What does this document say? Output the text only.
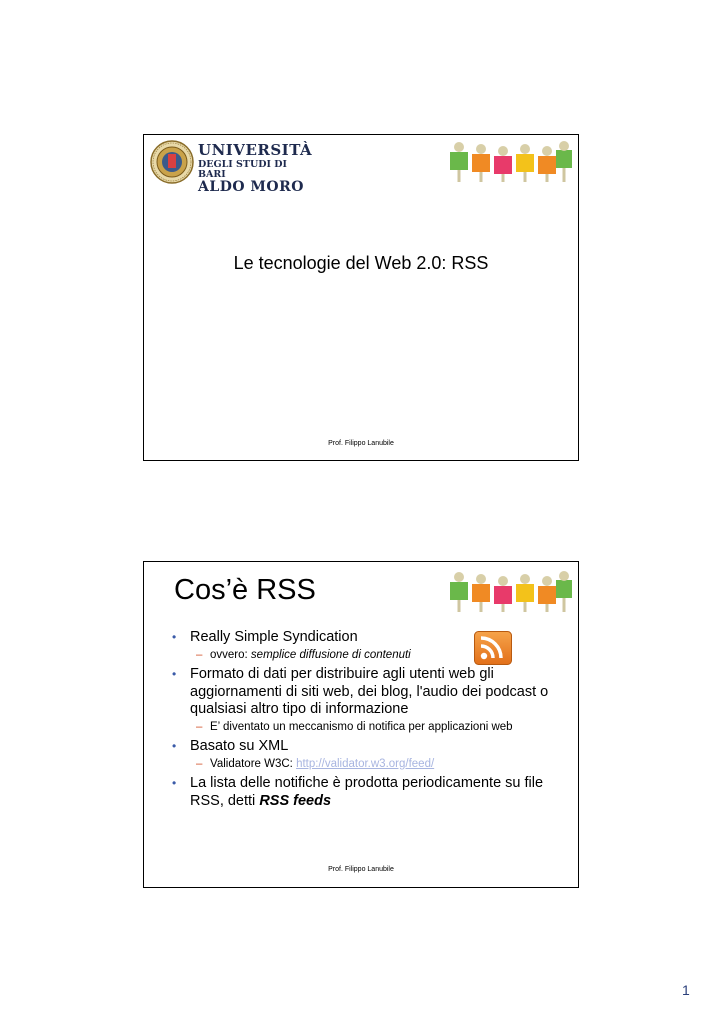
UNIVERSITÀ
DEGLI STUDI DI BARI
ALDO MORO
Le tecnologie del Web 2.0: RSS
Prof. Filippo Lanubile
Cos’è RSS
• Really Simple Syndication
– ovvero: semplice diffusione di contenuti
• Formato di dati per distribuire agli utenti web gli aggiornamenti di siti web, dei blog, l'audio dei podcast o qualsiasi altro tipo di informazione
– E’ diventato un meccanismo di notifica per applicazioni web
• Basato su XML
– Validatore W3C: http://validator.w3.org/feed/
• La lista delle notifiche è prodotta periodicamente su file RSS, detti RSS feeds
Prof. Filippo Lanubile
1
